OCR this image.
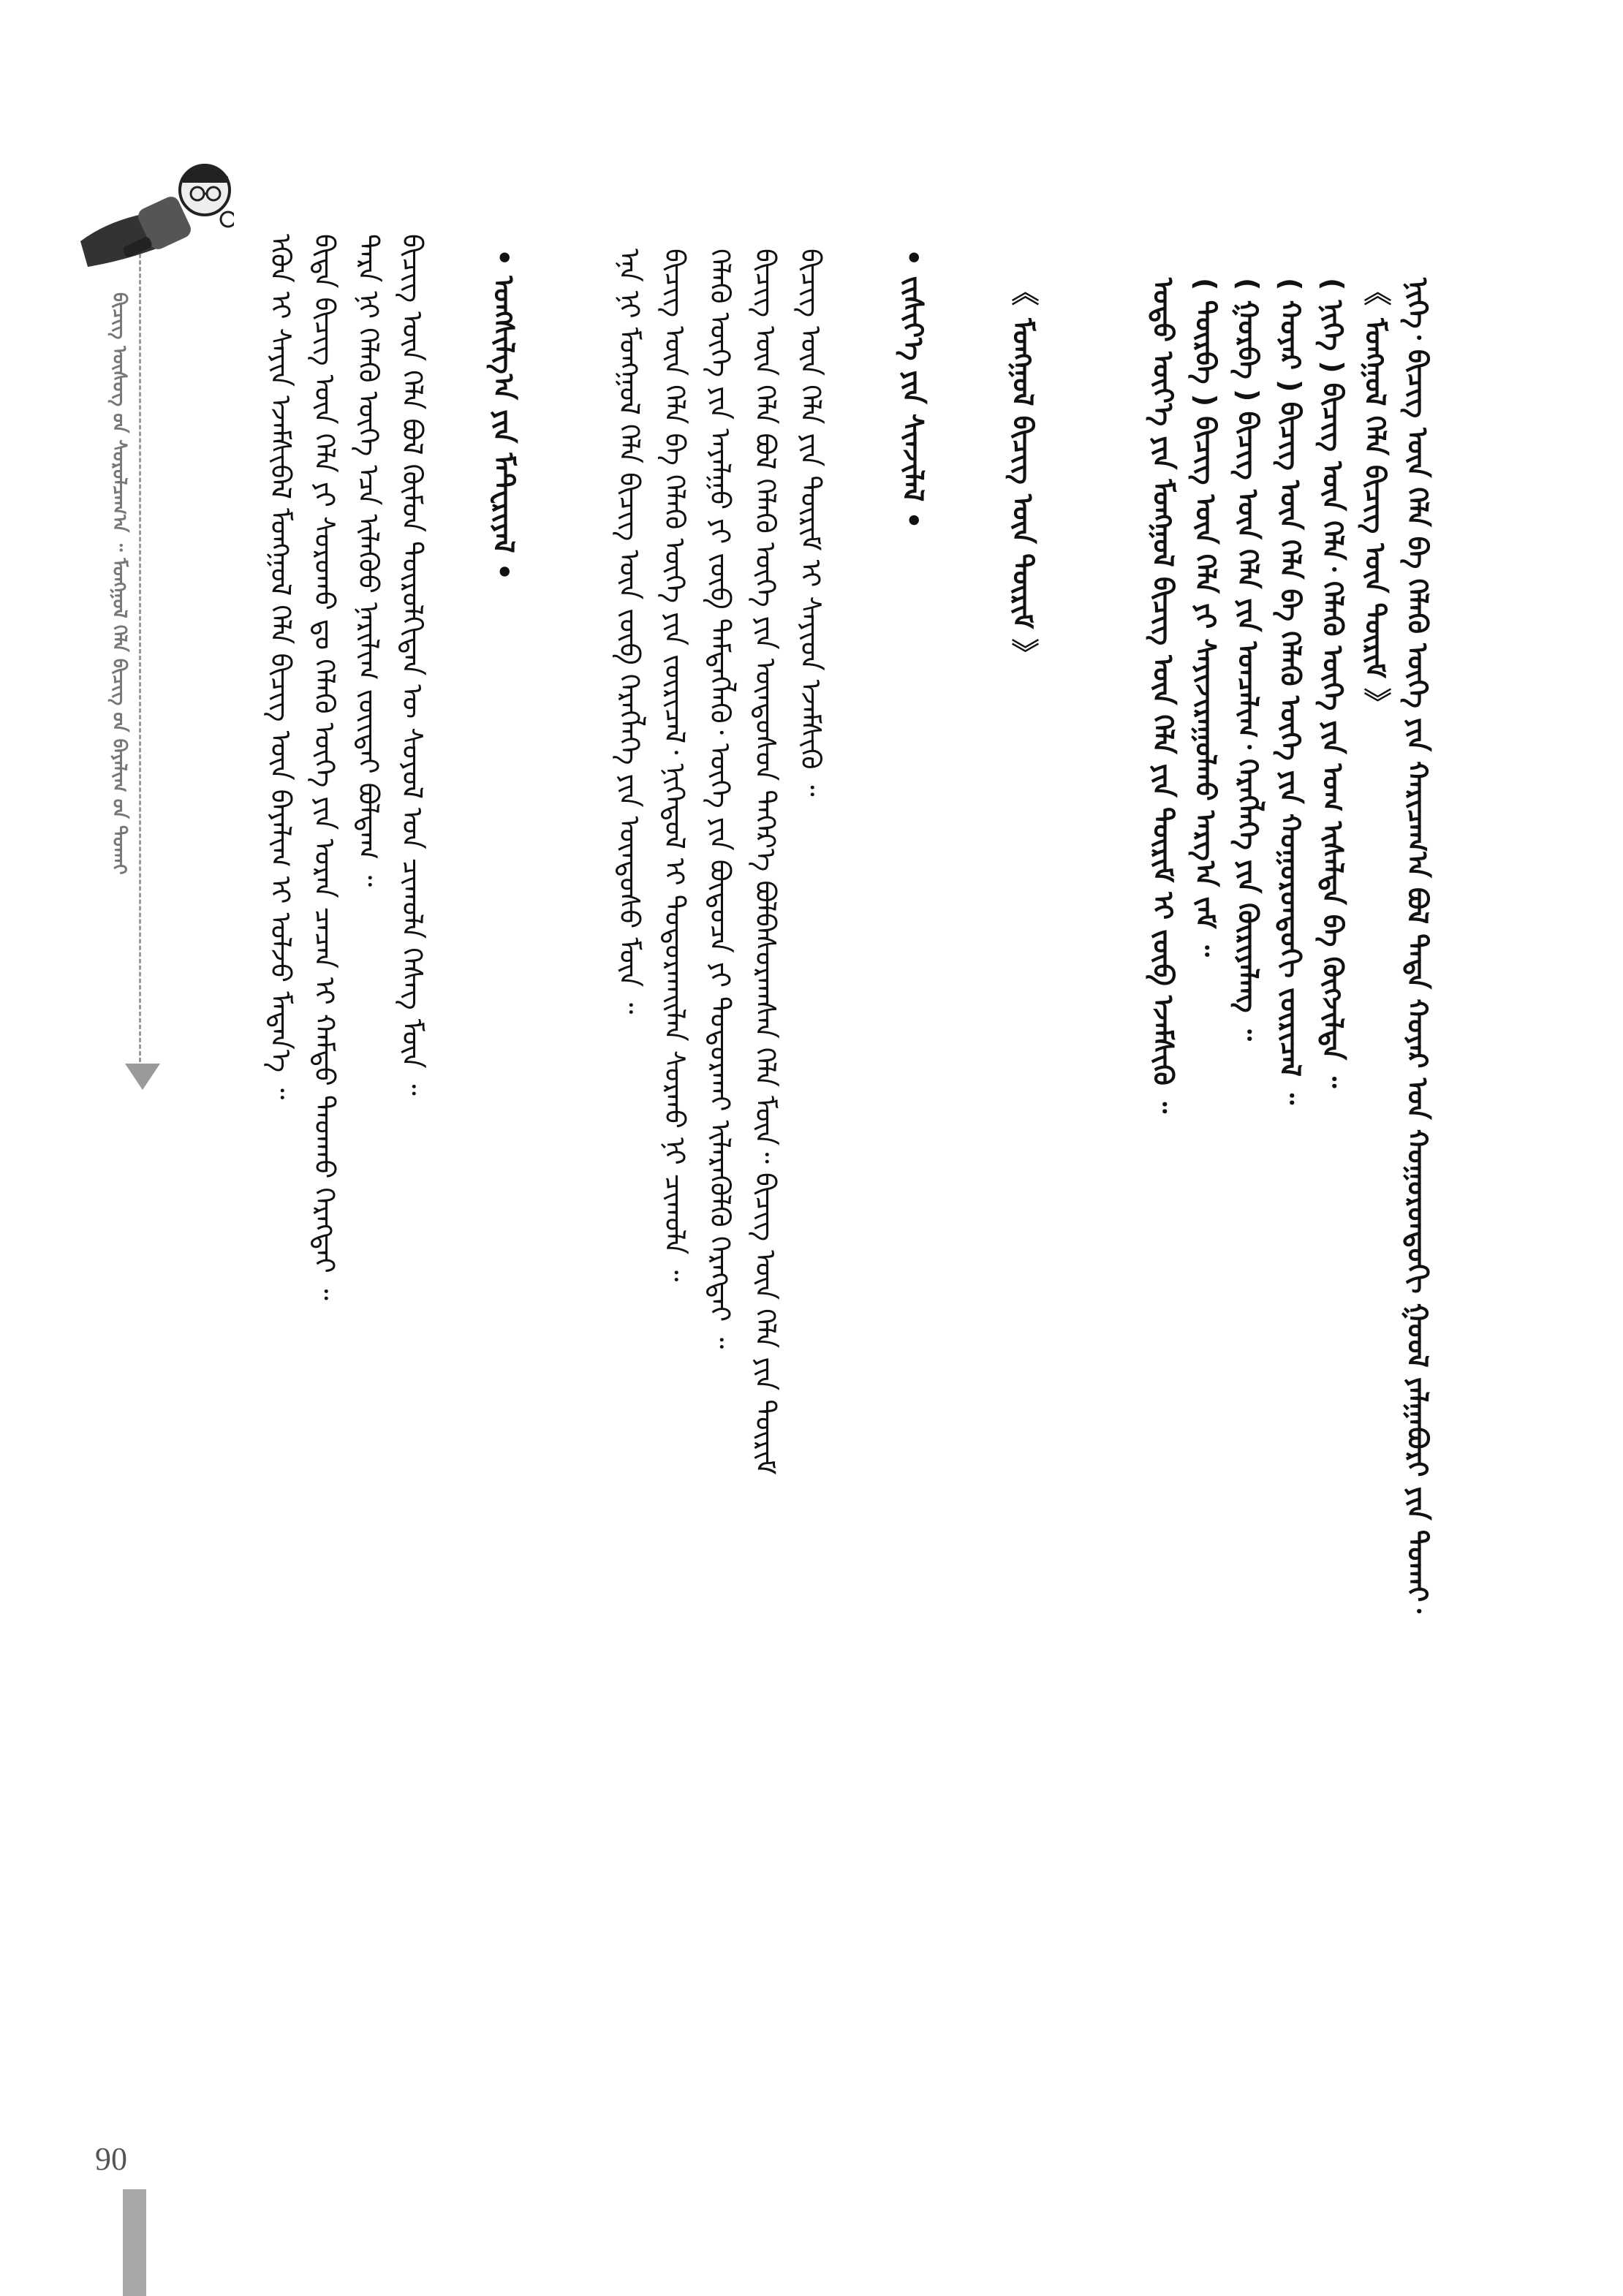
ᠪᠢᠴᠢᠭ᠌ ᠦᠰᠦᠭ ᠤ᠋ᠨ ᠰᠤᠷᠤᠯᠴᠠᠭ᠎ᠠ ᠃ ᠮᠣᠩᠭᠣᠯ ᠬᠡᠯᠡ ᠪᠢᠴᠢᠭ᠌ ᠤ᠋ᠨ ᠪᠠᠶᠠᠯᠢᠭ ᠤ᠋ᠨ ᠲᠤᠬᠠᠢ	ᠨᠢᠭᠡ᠂ ᠪᠢᠴᠢᠭ᠌ ᠦᠨ ᠬᠡᠯᠡ ᠪᠠ ᠬᠡᠯᠡᠬᠦ ᠦᠭᠡ ᠶᠢᠨ ᠬᠠᠷᠢᠴᠠᠭ᠎ᠠ ᠪᠣᠯ ᠲᠡᠳᠡ ᠬᠣᠶᠠᠷ ᠤᠨ ᠬᠣᠭᠣᠷᠣᠨᠳᠣᠬᠢ ᠭᠣᠣᠯ ᠶᠠᠯᠭᠠᠪᠤᠷᠢ ᠶᠢᠨ ᠲᠤᠬᠠᠢ᠂
《 ᠮᠣᠩᠭᠣᠯ ᠬᠡᠯᠡ ᠪᠢᠴᠢᠭ᠌ ᠦᠨ ᠳᠦᠷᠢᠮ 》
( ᠨᠢᠭᠡ ) ᠪᠢᠴᠢᠭ᠌ ᠦᠨ ᠬᠡᠯᠡ᠂ ᠬᠡᠯᠡᠬᠦ ᠦᠭᠡ ᠶᠢᠨ ᠤᠭ ᠢᠰᠡᠯᠲᠡ ᠪᠠ ᠬᠥᠭᠵᠢᠯᠲᠡ ᠃
( ᠬᠣᠶᠠᠷ ) ᠪᠢᠴᠢᠭ᠌ ᠦᠨ ᠬᠡᠯᠡ ᠪᠠ ᠬᠡᠯᠡᠬᠦ ᠦᠭᠡ ᠶᠢᠨ ᠬᠣᠭᠣᠷᠣᠨᠳᠣᠬᠢ ᠵᠥᠷᠢᠴᠡᠯ ᠃
( ᠭᠤᠷᠪᠠ ) ᠪᠢᠴᠢᠭ᠌ ᠦᠨ ᠬᠡᠯᠡ ᠶᠢᠨ ᠣᠨᠴᠠᠯᠢᠭ᠂ ᠬᠡᠷᠡᠭᠯᠡᠭᠡ ᠶᠢᠨ ᠬᠦᠷᠢᠶᠡᠯᠡᠩ ᠃
( ᠳᠥᠷᠪᠡ ) ᠪᠢᠴᠢᠭ᠌ ᠦᠨ ᠬᠡᠯᠡ ᠶᠢ ᠰᠠᠶᠢᠵᠢᠷᠠᠭᠤᠯᠬᠤ ᠠᠷᠭ᠎ᠠ ᠵᠠᠮ ᠃
ᠣᠳᠣ ᠦᠶ᠎ᠡ ᠶᠢᠨ ᠮᠣᠩᠭᠣᠯ ᠪᠢᠴᠢᠭ᠌ ᠦᠨ ᠬᠡᠯᠡ ᠶᠢᠨ ᠳᠦᠷᠢᠮ ᠢ ᠵᠥᠪ ᠡᠵᠡᠮᠰᠢᠬᠦ ᠃
《 ᠮᠣᠩᠭᠣᠯ ᠪᠢᠴᠢᠭ᠌ ᠦᠨ ᠳᠦᠷᠢᠮ 》
• ᠵᠢᠱᠢᠶ᠎ᠡ ᠶᠢᠨ ᠰᠢᠨᠵᠢᠯᠡᠯ •
ᠪᠢᠴᠢᠭ᠌ ᠦᠨ ᠬᠡᠯᠡ ᠶᠢᠨ ᠳᠦᠷᠢᠮ ᠢ ᠰᠠᠶᠢᠳ ᠡᠵᠡᠮᠰᠢᠬᠦ ᠃
ᠪᠢᠴᠢᠭ᠌ ᠦᠨ ᠬᠡᠯᠡ ᠪᠣᠯ ᠬᠡᠯᠡᠬᠦ ᠦᠭᠡ ᠶᠢᠨ ᠦᠨᠳᠦᠰᠦᠨ ᠳᠡᠭᠡᠷ᠎ᠡ ᠪᠣᠯᠪᠠᠰᠤᠷᠠᠭᠰᠠᠨ ᠬᠡᠯᠡ ᠮᠥᠨ᠃ ᠪᠢᠴᠢᠭ᠌ ᠦᠨ ᠬᠡᠯᠡ ᠶᠢᠨ ᠳᠦᠷᠢᠮ
ᠬᠡᠯᠡᠬᠦ ᠦᠭᠡ ᠶᠢᠨ ᠠᠶᠠᠯᠭᠤ ᠶᠢ ᠵᠥᠪ ᠲᠡᠮᠳᠡᠭᠯᠡᠬᠦ᠂ ᠦᠭᠡ ᠶᠢᠨ ᠪᠦᠲᠦᠴᠡ ᠶᠢ ᠲᠣᠳᠤᠷᠬᠠᠢ ᠢᠯᠡᠷᠡᠭᠦᠯᠬᠦ ᠬᠡᠷᠡᠭᠲᠡᠢ ᠃
ᠪᠢᠴᠢᠭ᠌ ᠦᠨ ᠬᠡᠯᠡ ᠪᠠ ᠬᠡᠯᠡᠬᠦ ᠦᠭᠡ ᠶᠢᠨ ᠵᠥᠷᠢᠴᠡᠯ᠂ ᠨᠢᠭᠡᠳᠦᠯ ᠢ ᠲᠣᠳᠤᠷᠬᠠᠢᠯᠠᠨ ᠰᠤᠷᠬᠤ ᠨᠢ ᠴᠢᠬᠤᠯᠠ ᠃
ᠡᠨᠡ ᠨᠢ ᠮᠣᠩᠭᠣᠯ ᠬᠡᠯᠡ ᠪᠢᠴᠢᠭ᠌ ᠦᠨ ᠵᠥᠪ ᠬᠡᠷᠡᠭᠯᠡᠭᠡ ᠶᠢᠨ ᠦᠨᠳᠦᠰᠦ ᠮᠥᠨ ᠃
• ᠤᠩᠰᠢᠯᠭ᠎ᠠ ᠶᠢᠨ ᠮᠠᠲ᠋ᠸᠷᠢᠶᠠᠯ •
ᠪᠢᠴᠢᠭ᠌ ᠦᠨ ᠬᠡᠯᠡ ᠪᠣᠯ ᠬᠦᠮᠦᠨ ᠲᠥᠷᠦᠯᠬᠢᠲᠡᠨ ᠦ ᠰᠣᠶᠣᠯ ᠤᠨ ᠴᠢᠬᠤᠯᠠ ᠬᠡᠰᠡᠭ ᠮᠥᠨ ᠃
ᠲᠡᠷᠡ ᠨᠢ ᠬᠡᠯᠡᠬᠦ ᠦᠭᠡ ᠡᠴᠡ ᠢᠯᠡᠭᠦᠦ ᠨᠠᠷᠢᠯᠢᠭ ᠵᠦᠢᠲᠡᠢ ᠪᠣᠯᠳᠠᠭ ᠃
ᠪᠢᠳᠡ ᠪᠢᠴᠢᠭ᠌ ᠦᠨ ᠬᠡᠯᠡ ᠶᠢ ᠰᠤᠷᠤᠬᠤ ᠳᠤ ᠬᠡᠯᠡᠬᠦ ᠦᠭᠡ ᠶᠢᠨ ᠤᠷᠠᠨ ᠴᠡᠴᠡᠨ ᠢ ᠬᠠᠮᠲᠤ ᠳᠠᠳᠬᠤ ᠬᠡᠷᠡᠭᠲᠡᠢ ᠃
ᠡᠭᠦᠨ ᠢ ᠰᠠᠶᠢᠨ ᠡᠵᠡᠮᠰᠢᠪᠡᠯ ᠮᠣᠩᠭᠣᠯ ᠬᠡᠯᠡ ᠪᠢᠴᠢᠭ᠌ ᠦᠨ ᠪᠠᠶᠠᠯᠢᠭ ᠢ ᠣᠯᠵᠤ ᠮᠡᠳᠡᠨ᠎ᠡ ᠃
90
